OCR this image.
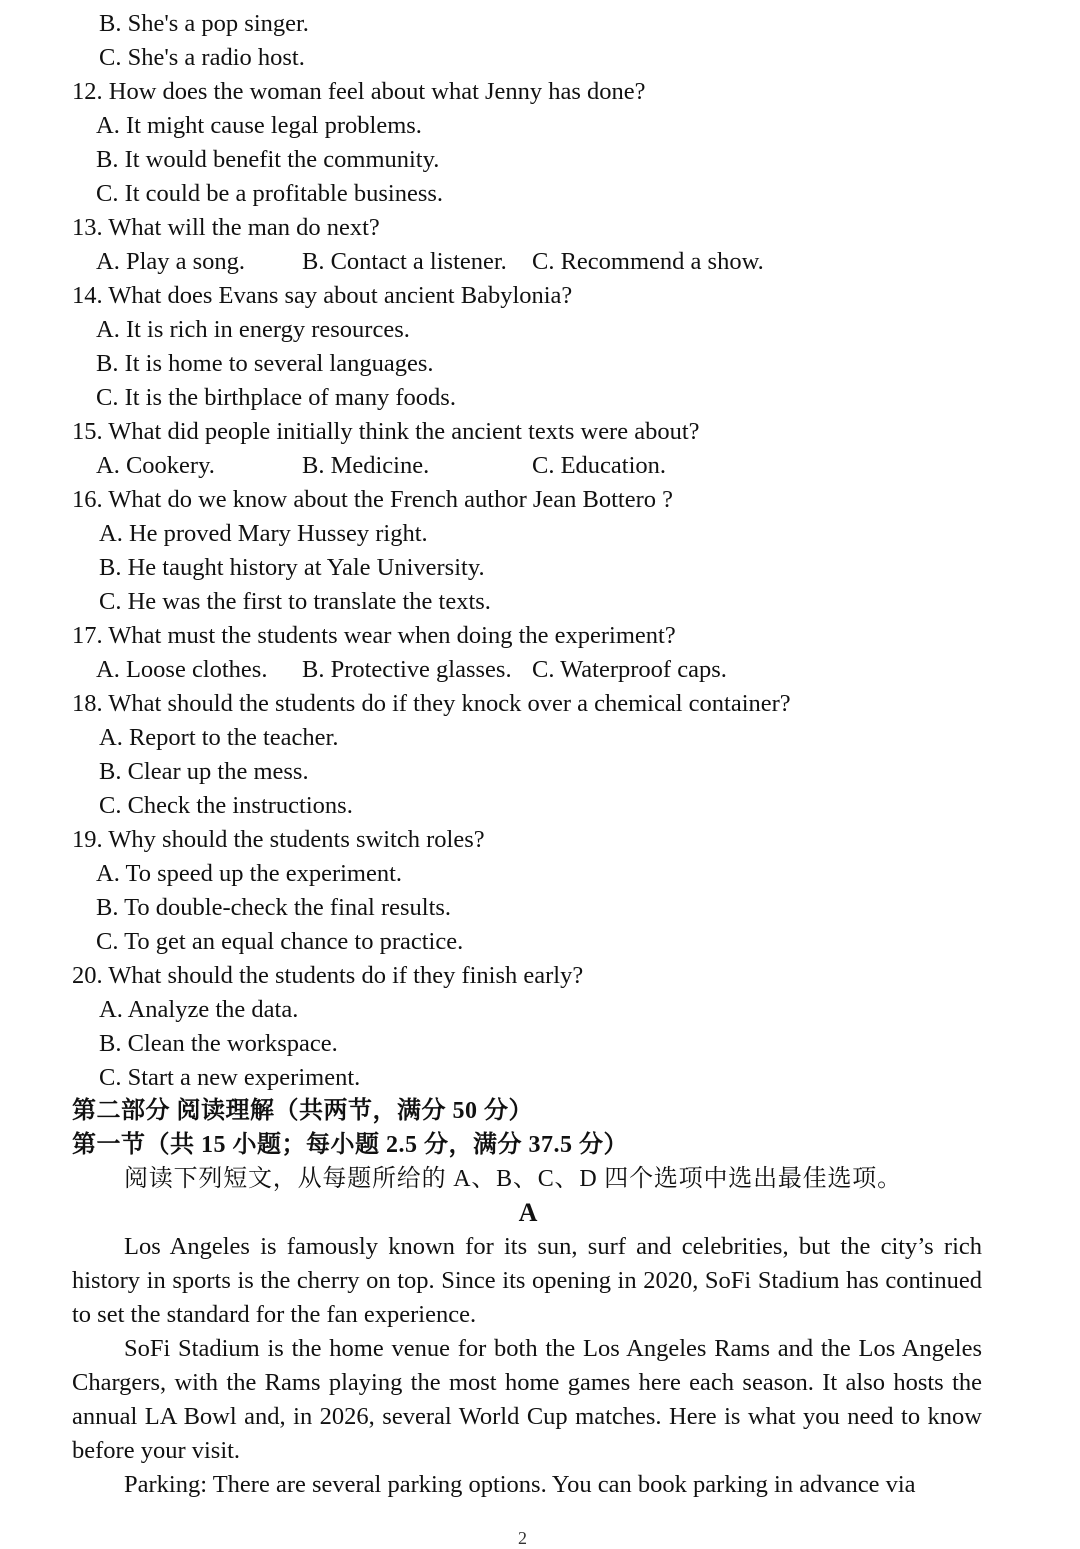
B. She's a pop singer.
C. She's a radio host.
12. How does the woman feel about what Jenny has done?
A. It might cause legal problems.
B. It would benefit the community.
C. It could be a profitable business.
13. What will the man do next?
A. Play a song. B. Contact a listener. C. Recommend a show.
14. What does Evans say about ancient Babylonia?
A. It is rich in energy resources.
B. It is home to several languages.
C. It is the birthplace of many foods.
15. What did people initially think the ancient texts were about?
A. Cookery.	B. Medicine.	C. Education.
16. What do we know about the French author Jean Bottero ?
A. He proved Mary Hussey right.
B. He taught history at Yale University.
C. He was the first to translate the texts.
17. What must the students wear when doing the experiment?
A. Loose clothes. B. Protective glasses. C. Waterproof caps.
18. What should the students do if they knock over a chemical container?
A. Report to the teacher.
B. Clear up the mess.
C. Check the instructions.
19. Why should the students switch roles?
A. To speed up the experiment.
B. To double-check the final results.
C. To get an equal chance to practice.
20. What should the students do if they finish early?
A. Analyze the data.
B. Clean the workspace.
C. Start a new experiment.
第二部分 阅读理解（共两节，满分 50 分）
第一节（共 15 小题；每小题 2.5 分，满分 37.5 分）
阅读下列短文，从每题所给的 A、B、C、D 四个选项中选出最佳选项。
A

Los Angeles is famously known for its sun, surf and celebrities, but the city’s rich history in sports is the cherry on top. Since its opening in 2020, SoFi Stadium has continued to set the standard for the fan experience.

SoFi Stadium is the home venue for both the Los Angeles Rams and the Los Angeles Chargers, with the Rams playing the most home games here each season. It also hosts the annual LA Bowl and, in 2026, several World Cup matches. Here is what you need to know before your visit.

Parking: There are several parking options. You can book parking in advance via

2
